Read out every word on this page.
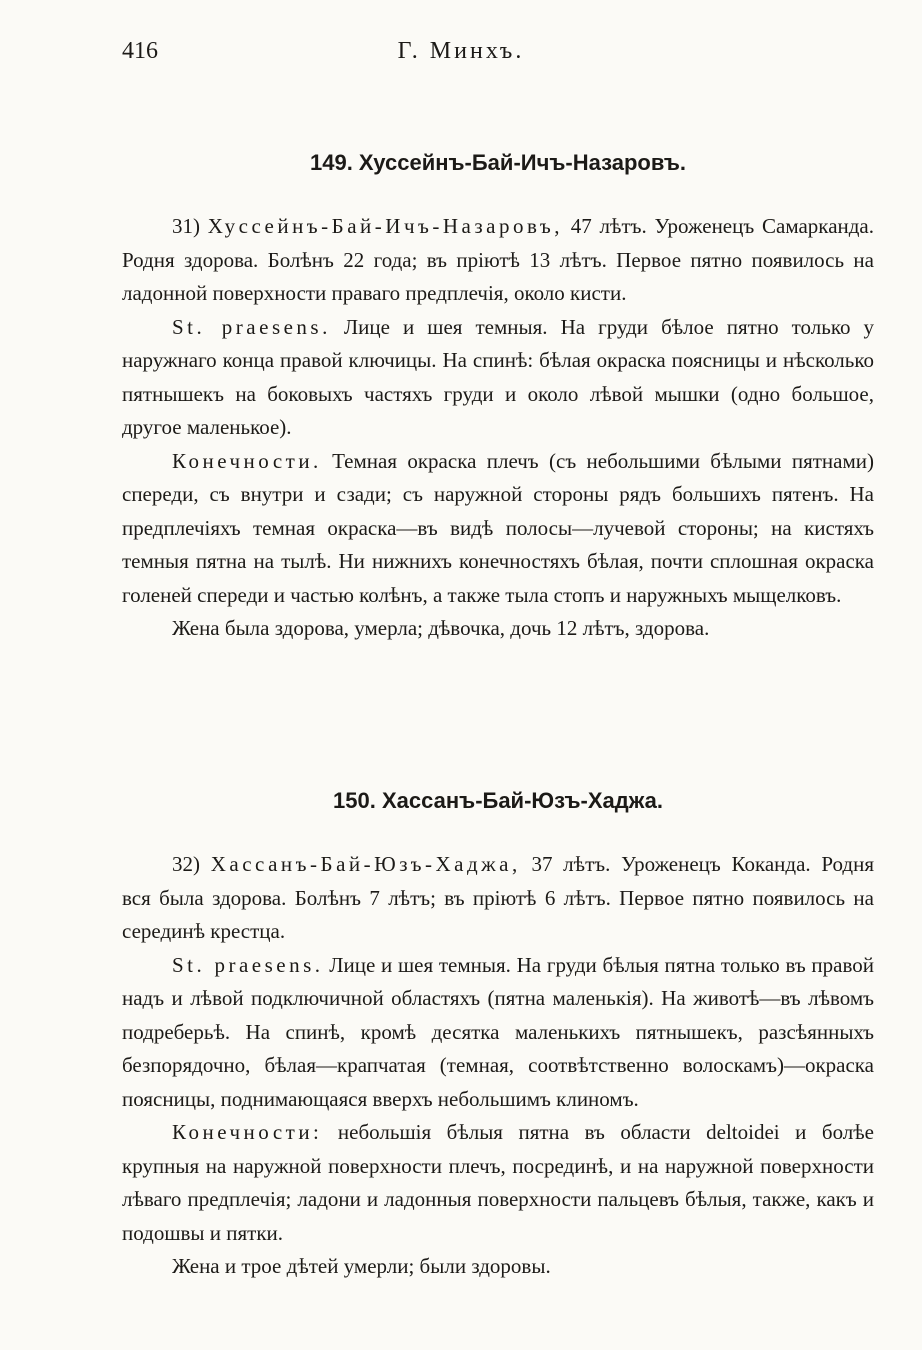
416	Г. Минхъ.
149. Хуссейнъ-Бай-Ичъ-Назаровъ.

31) Хуссейнъ-Бай-Ичъ-Назаровъ, 47 лѣтъ. Уроженецъ Самарканда. Родня здорова. Болѣнъ 22 года; въ пріютѣ 13 лѣтъ. Первое пятно появилось на ладонной поверхности праваго предплечія, около кисти.

St. praesens. Лице и шея темныя. На груди бѣлое пятно только у наружнаго конца правой ключицы. На спинѣ: бѣлая окраска поясницы и нѣсколько пятнышекъ на боковыхъ частяхъ груди и около лѣвой мышки (одно большое, другое маленькое).

Конечности. Темная окраска плечъ (съ небольшими бѣлыми пятнами) спереди, съ внутри и сзади; съ наружной стороны рядъ большихъ пятенъ. На предплечіяхъ темная окраска—въ видѣ полосы—лучевой стороны; на кистяхъ темныя пятна на тылѣ. Ни нижнихъ конечностяхъ бѣлая, почти сплошная окраска голеней спереди и частью колѣнъ, а также тыла стопъ и наружныхъ мыщелковъ.

Жена была здорова, умерла; дѣвочка, дочь 12 лѣтъ, здорова.

150. Хассанъ-Бай-Юзъ-Хаджа.

32) Хассанъ-Бай-Юзъ-Хаджа, 37 лѣтъ. Уроженецъ Коканда. Родня вся была здорова. Болѣнъ 7 лѣтъ; въ пріютѣ 6 лѣтъ. Первое пятно появилось на серединѣ крестца.

St. praesens. Лице и шея темныя. На груди бѣлыя пятна только въ правой надъ и лѣвой подключичной областяхъ (пятна маленькія). На животѣ—въ лѣвомъ подреберьѣ. На спинѣ, кромѣ десятка маленькихъ пятнышекъ, разсѣянныхъ безпорядочно, бѣлая—крапчатая (темная, соотвѣтственно волоскамъ)—окраска поясницы, поднимающаяся вверхъ небольшимъ клиномъ.

Конечности: небольшія бѣлыя пятна въ области deltoidei и болѣе крупныя на наружной поверхности плечъ, посрединѣ, и на наружной поверхности лѣваго предплечія; ладони и ладонныя поверхности пальцевъ бѣлыя, также, какъ и подошвы и пятки.

Жена и трое дѣтей умерли; были здоровы.
